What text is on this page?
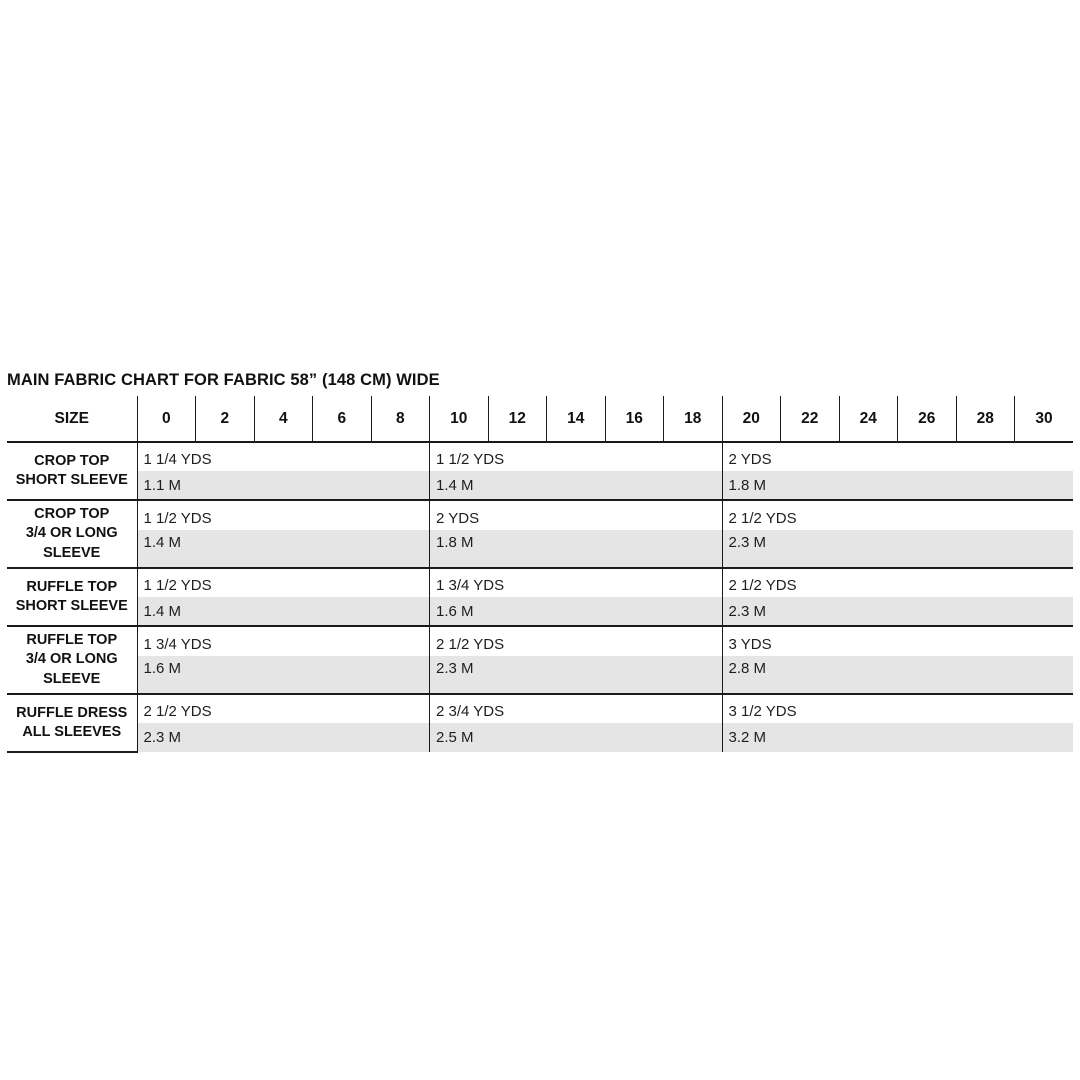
MAIN FABRIC CHART FOR FABRIC 58” (148 CM) WIDE
SIZE	0	2	4	6	8	10	12	14	16	18	20	22	24	26	28	30

CROP TOP
SHORT SLEEVE	1 1/4 YDS					1 1/2 YDS					2 YDS					
	1.1 M					1.4 M					1.8 M					

CROP TOP
3/4 OR LONG
SLEEVE	1 1/2 YDS					2 YDS					2 1/2 YDS					
	1.4 M					1.8 M					2.3 M					

RUFFLE TOP
SHORT SLEEVE	1 1/2 YDS					1 3/4 YDS					2 1/2 YDS					
	1.4 M					1.6 M					2.3 M					

RUFFLE TOP
3/4 OR LONG
SLEEVE	1 3/4 YDS					2 1/2 YDS					3 YDS					
	1.6 M					2.3 M					2.8 M					

RUFFLE DRESS
ALL SLEEVES	2 1/2 YDS					2 3/4 YDS					3 1/2 YDS					
	2.3 M					2.5 M					3.2 M					
